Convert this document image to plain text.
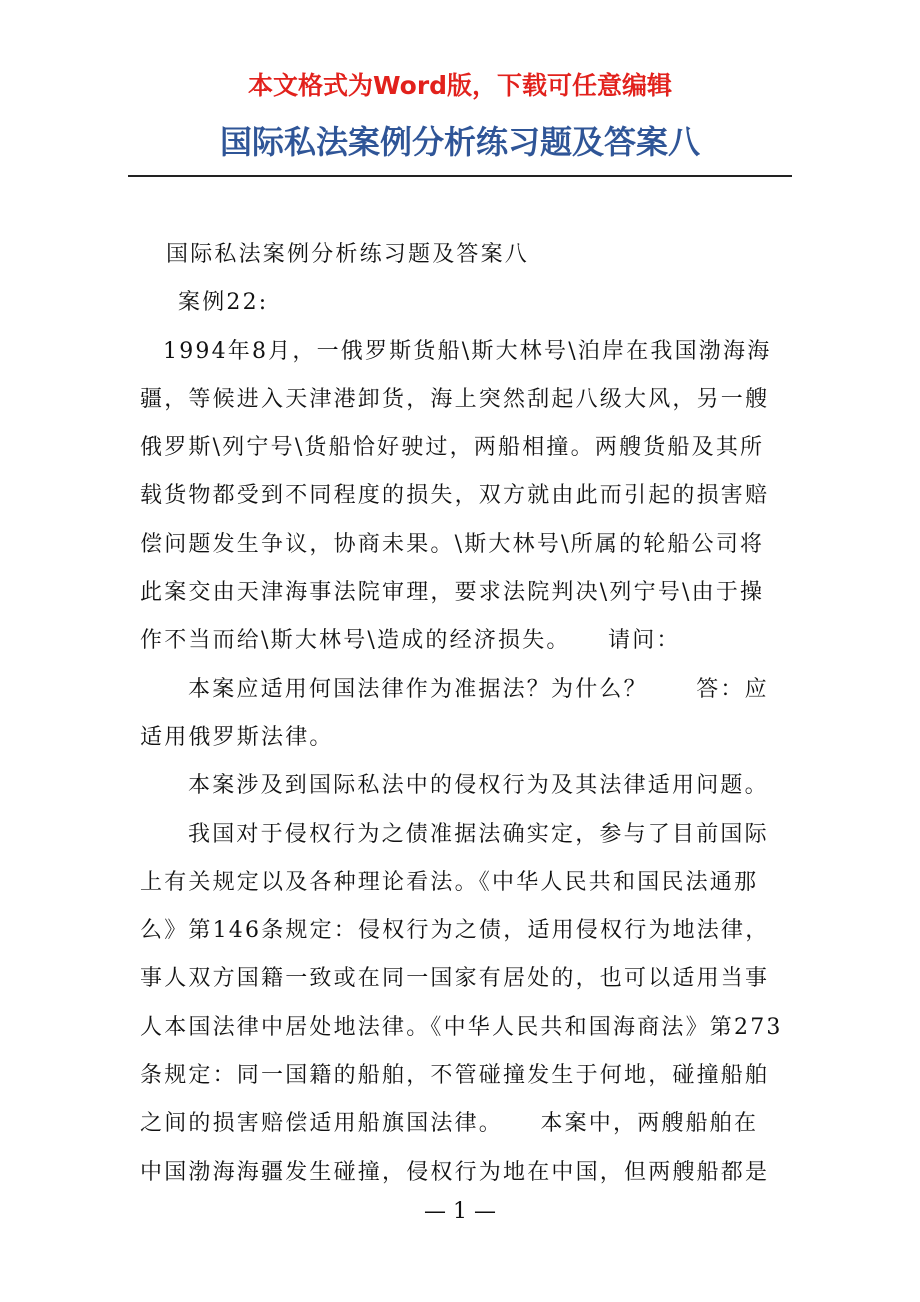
本文格式为Word版，下载可任意编辑
国际私法案例分析练习题及答案八
国际私法案例分析练习题及答案八
案例22:
1994年8月，一俄罗斯货船\斯大林号\泊岸在我国渤海海
疆，等候进入天津港卸货，海上突然刮起八级大风，另一艘
俄罗斯\列宁号\货船恰好驶过，两船相撞。两艘货船及其所
载货物都受到不同程度的损失，双方就由此而引起的损害赔
偿问题发生争议，协商未果。\斯大林号\所属的轮船公司将
此案交由天津海事法院审理，要求法院判决\列宁号\由于操
作不当而给\斯大林号\造成的经济损失。　　请问：
本案应适用何国法律作为准据法？为什么？　　答：应
适用俄罗斯法律。
本案涉及到国际私法中的侵权行为及其法律适用问题。
我国对于侵权行为之债准据法确实定，参与了目前国际
上有关规定以及各种理论看法。《中华人民共和国民法通那
么》第146条规定：侵权行为之债，适用侵权行为地法律，
事人双方国籍一致或在同一国家有居处的，也可以适用当事
人本国法律中居处地法律。《中华人民共和国海商法》第273
条规定：同一国籍的船舶，不管碰撞发生于何地，碰撞船舶
之间的损害赔偿适用船旗国法律。　　本案中，两艘船舶在
中国渤海海疆发生碰撞，侵权行为地在中国，但两艘船都是
— 1 —
